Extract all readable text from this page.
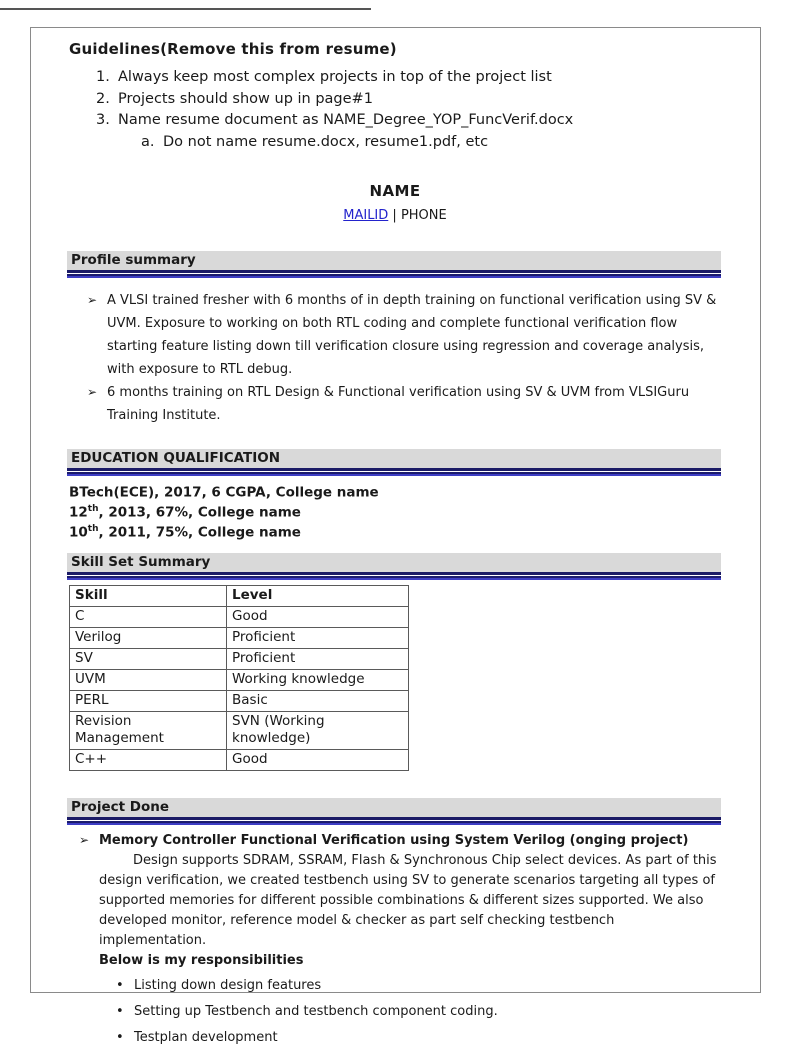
Guidelines(Remove this from resume)
1. Always keep most complex projects in top of the project list
2. Projects should show up in page#1
3. Name resume document as NAME_Degree_YOP_FuncVerif.docx
a. Do not name resume.docx, resume1.pdf, etc
NAME
MAILID | PHONE
Profile summary
➢ A VLSI trained fresher with 6 months of in depth training on functional verification using SV & UVM. Exposure to working on both RTL coding and complete functional verification flow starting feature listing down till verification closure using regression and coverage analysis, with exposure to RTL debug.
➢ 6 months training on RTL Design & Functional verification using SV & UVM from VLSIGuru Training Institute.
EDUCATION QUALIFICATION
BTech(ECE), 2017, 6 CGPA, College name
12th, 2013, 67%, College name
10th, 2011, 75%, College name
Skill Set Summary
Skill	Level
C	Good
Verilog	Proficient
SV	Proficient
UVM	Working knowledge
PERL	Basic
Revision Management	SVN (Working knowledge)
C++	Good
Project Done
➢ Memory Controller Functional Verification using System Verilog (onging project)
Design supports SDRAM, SSRAM, Flash & Synchronous Chip select devices. As part of this design verification, we created testbench using SV to generate scenarios targeting all types of supported memories for different possible combinations & different sizes supported. We also developed monitor, reference model & checker as part self checking testbench implementation.
Below is my responsibilities
• Listing down design features
• Setting up Testbench and testbench component coding.
• Testplan development
